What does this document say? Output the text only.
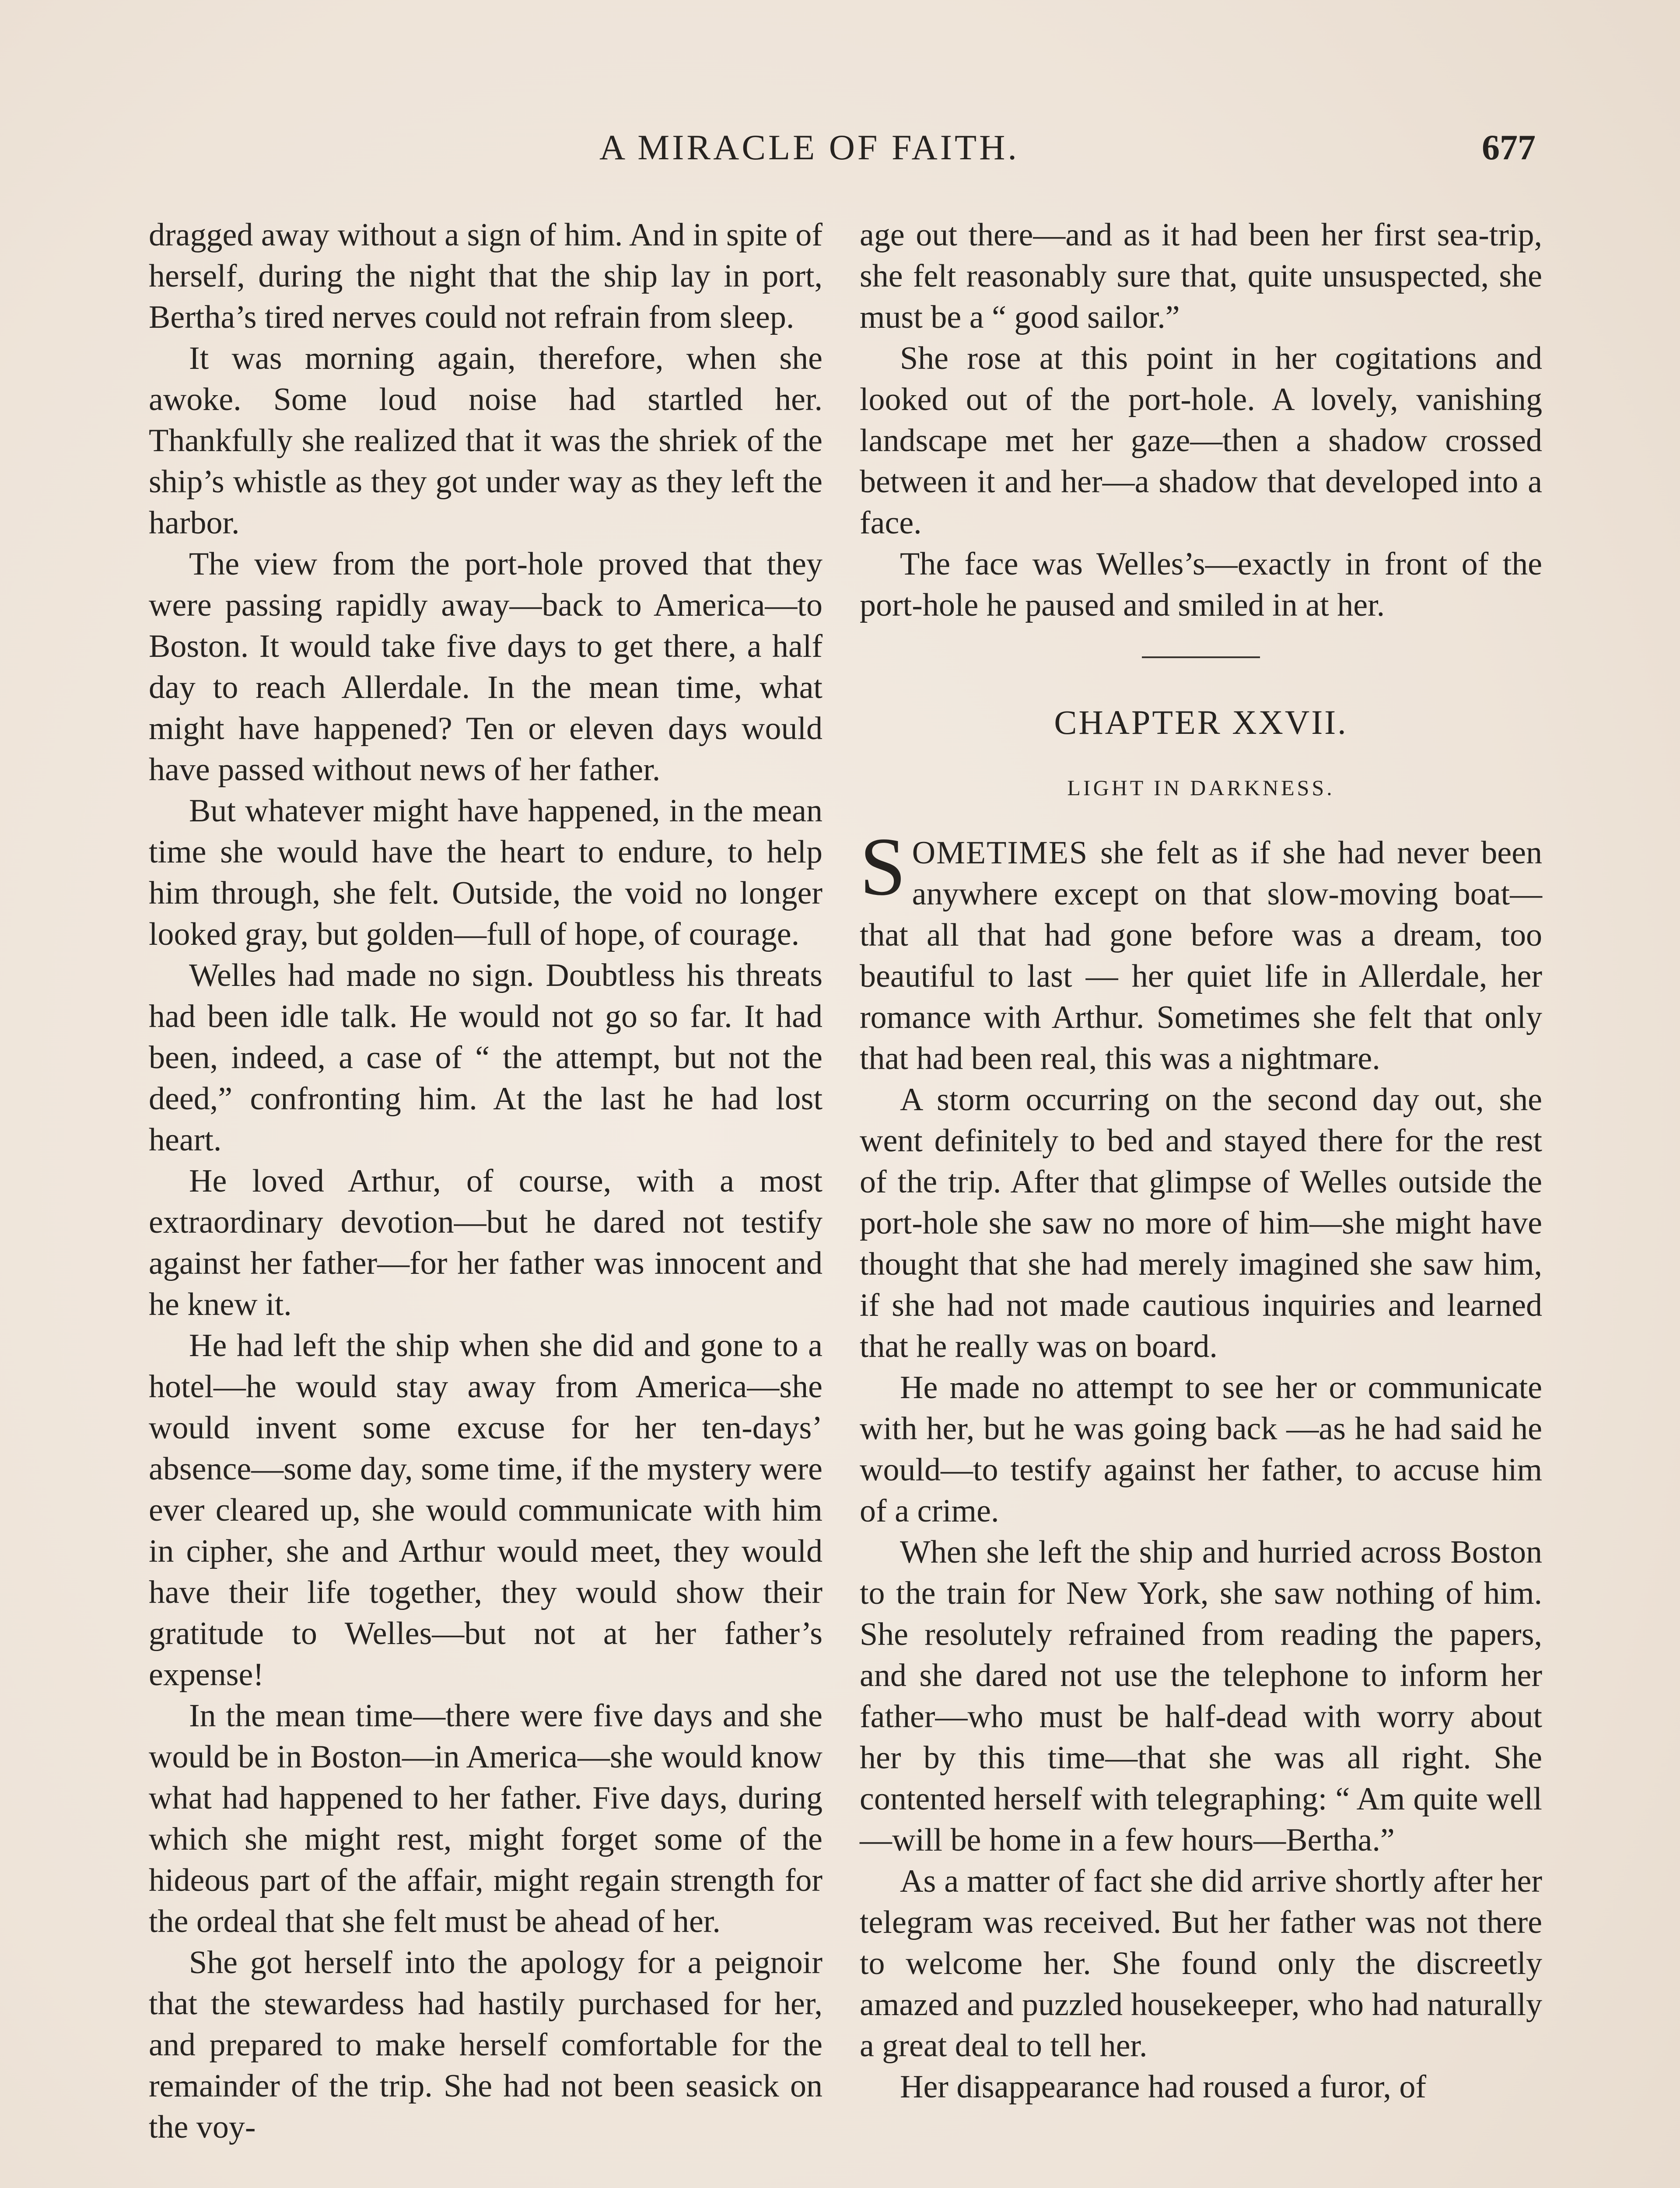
A MIRACLE OF FAITH.	677

dragged away without a sign of him. And in spite of herself, during the night that the ship lay in port, Bertha’s tired nerves could not refrain from sleep.

It was morning again, therefore, when she awoke. Some loud noise had startled her. Thankfully she realized that it was the shriek of the ship’s whistle as they got under way as they left the harbor.

The view from the port-hole proved that they were passing rapidly away—back to America—to Boston. It would take five days to get there, a half day to reach Allerdale. In the mean time, what might have happened? Ten or eleven days would have passed without news of her father.

But whatever might have happened, in the mean time she would have the heart to endure, to help him through, she felt. Outside, the void no longer looked gray, but golden—full of hope, of courage.

Welles had made no sign. Doubtless his threats had been idle talk. He would not go so far. It had been, indeed, a case of “ the attempt, but not the deed,” confronting him. At the last he had lost heart.

He loved Arthur, of course, with a most extraordinary devotion—but he dared not testify against her father—for her father was innocent and he knew it.

He had left the ship when she did and gone to a hotel—he would stay away from America—she would invent some excuse for her ten-days’ absence—some day, some time, if the mystery were ever cleared up, she would communicate with him in cipher, she and Arthur would meet, they would have their life together, they would show their gratitude to Welles—but not at her father’s expense!

In the mean time—there were five days and she would be in Boston—in America—she would know what had happened to her father. Five days, during which she might rest, might forget some of the hideous part of the affair, might regain strength for the ordeal that she felt must be ahead of her.

She got herself into the apology for a peignoir that the stewardess had hastily purchased for her, and prepared to make herself comfortable for the remainder of the trip. She had not been seasick on the voy-

age out there—and as it had been her first sea-trip, she felt reasonably sure that, quite unsuspected, she must be a “ good sailor.”

She rose at this point in her cogitations and looked out of the port-hole. A lovely, vanishing landscape met her gaze—then a shadow crossed between it and her—a shadow that developed into a face.

The face was Welles’s—exactly in front of the port-hole he paused and smiled in at her.

CHAPTER XXVII.
LIGHT IN DARKNESS.

SOMETIMES she felt as if she had never been anywhere except on that slow-moving boat—that all that had gone before was a dream, too beautiful to last — her quiet life in Allerdale, her romance with Arthur. Sometimes she felt that only that had been real, this was a nightmare.

A storm occurring on the second day out, she went definitely to bed and stayed there for the rest of the trip. After that glimpse of Welles outside the port-hole she saw no more of him—she might have thought that she had merely imagined she saw him, if she had not made cautious inquiries and learned that he really was on board.

He made no attempt to see her or communicate with her, but he was going back —as he had said he would—to testify against her father, to accuse him of a crime.

When she left the ship and hurried across Boston to the train for New York, she saw nothing of him. She resolutely refrained from reading the papers, and she dared not use the telephone to inform her father—who must be half-dead with worry about her by this time—that she was all right. She contented herself with telegraphing: “ Am quite well—will be home in a few hours—Bertha.”

As a matter of fact she did arrive shortly after her telegram was received. But her father was not there to welcome her. She found only the discreetly amazed and puzzled housekeeper, who had naturally a great deal to tell her.

Her disappearance had roused a furor, of
